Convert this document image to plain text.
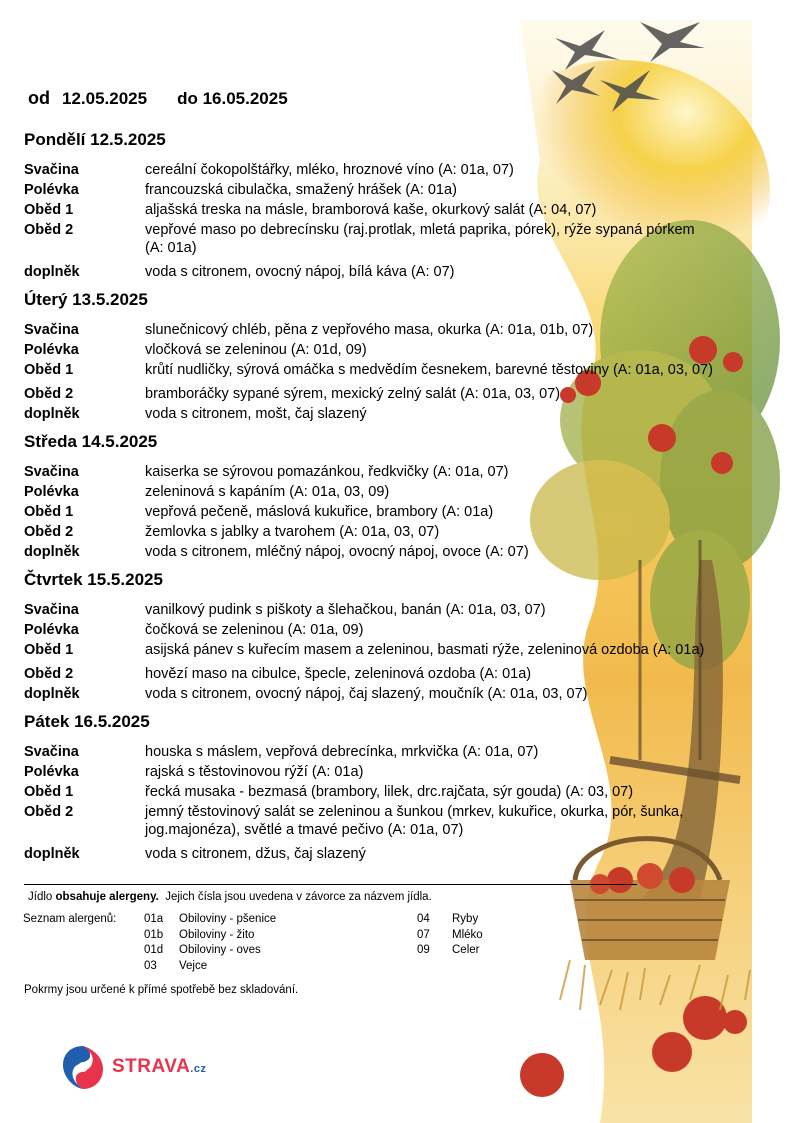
od 12.05.2025 do 16.05.2025
Pondělí 12.5.2025
Svačina	cereální čokopolštářky, mléko, hroznové víno (A: 01a, 07)
Polévka	francouzská cibulačka, smažený hrášek (A: 01a)
Oběd 1	aljašská treska na másle, bramborová kaše, okurkový salát (A: 04, 07)
Oběd 2	vepřové maso po debrecínsku (raj.protlak, mletá paprika, pórek), rýže sypaná pórkem (A: 01a)
doplněk	voda s citronem, ovocný nápoj, bílá káva (A: 07)
Úterý 13.5.2025
Svačina	slunečnicový chléb, pěna z vepřového masa, okurka (A: 01a, 01b, 07)
Polévka	vločková se zeleninou (A: 01d, 09)
Oběd 1	krůtí nudličky, sýrová omáčka s medvědím česnekem, barevné těstoviny (A: 01a, 03, 07)
Oběd 2	bramboráčky sypané sýrem, mexický zelný salát (A: 01a, 03, 07)
doplněk	voda s citronem, mošt, čaj slazený
Středa 14.5.2025
Svačina	kaiserka se sýrovou pomazánkou, ředkvičky (A: 01a, 07)
Polévka	zeleninová s kapáním (A: 01a, 03, 09)
Oběd 1	vepřová pečeně, máslová kukuřice, brambory (A: 01a)
Oběd 2	žemlovka s jablky a tvarohem (A: 01a, 03, 07)
doplněk	voda s citronem, mléčný nápoj, ovocný nápoj, ovoce (A: 07)
Čtvrtek 15.5.2025
Svačina	vanilkový pudink s piškoty a šlehačkou, banán (A: 01a, 03, 07)
Polévka	čočková se zeleninou (A: 01a, 09)
Oběd 1	asijská pánev s kuřecím masem a zeleninou, basmati rýže, zeleninová ozdoba (A: 01a)
Oběd 2	hovězí maso na cibulce, špecle, zeleninová ozdoba (A: 01a)
doplněk	voda s citronem, ovocný nápoj, čaj slazený, moučník (A: 01a, 03, 07)
Pátek 16.5.2025
Svačina	houska s máslem, vepřová debrecínka, mrkvička (A: 01a, 07)
Polévka	rajská s těstovinovou rýží (A: 01a)
Oběd 1	řecká musaka - bezmasá (brambory, lilek, drc.rajčata, sýr gouda) (A: 03, 07)
Oběd 2	jemný těstovinový salát se zeleninou a šunkou (mrkev, kukuřice, okurka, pór, šunka, jog.majonéza), světlé a tmavé pečivo (A: 01a, 07)
doplněk	voda s citronem, džus, čaj slazený
Jídlo obsahuje alergeny.  Jejich čísla jsou uvedena v závorce za názvem jídla.
Seznam alergenů: 01a	Obiloviny - pšenice
01b	Obiloviny - žito
01d	Obiloviny - oves
03	Vejce
04	Ryby
07	Mléko
09	Celer
Pokrmy jsou určené k přímé spotřebě bez skladování.
STRAVA.cz
